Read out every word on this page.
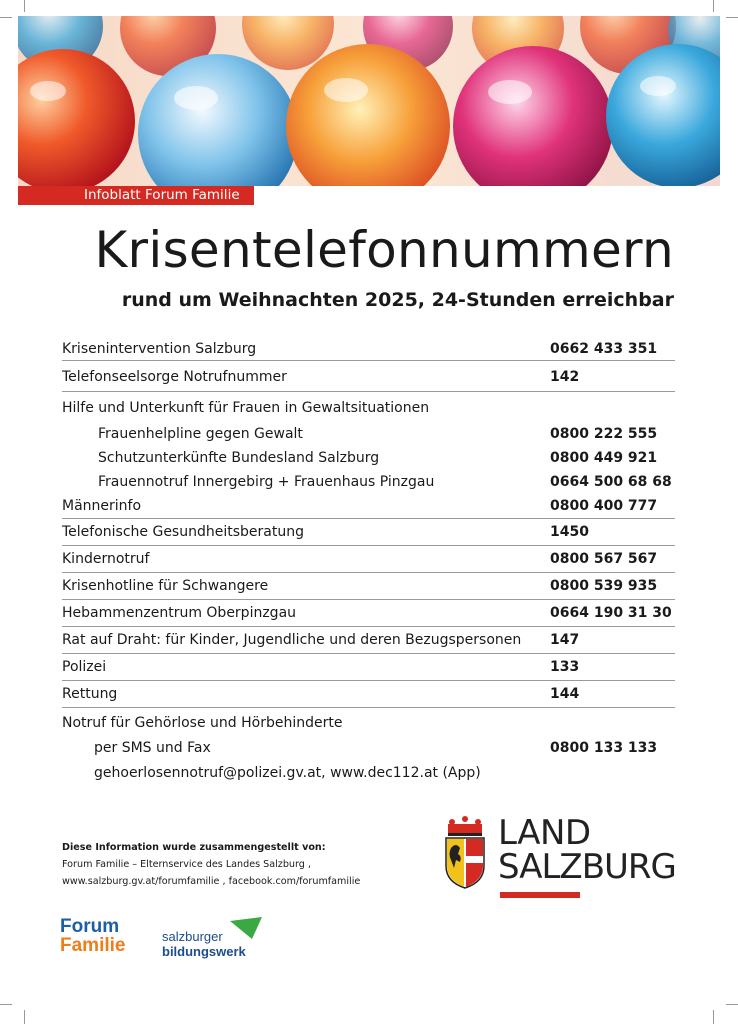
Infoblatt Forum Familie
Krisentelefonnummern
rund um Weihnachten 2025, 24-Stunden erreichbar
Krisenintervention Salzburg	0662 433 351
Telefonseelsorge Notrufnummer	142
Hilfe und Unterkunft für Frauen in Gewaltsituationen
Frauenhelpline gegen Gewalt	0800 222 555
Schutzunterkünfte Bundesland Salzburg	0800 449 921
Frauennotruf Innergebirg + Frauenhaus Pinzgau	0664 500 68 68
Männerinfo	0800 400 777
Telefonische Gesundheitsberatung	1450
Kindernotruf	0800 567 567
Krisenhotline für Schwangere	0800 539 935
Hebammenzentrum Oberpinzgau	0664 190 31 30
Rat auf Draht: für Kinder, Jugendliche und deren Bezugspersonen	147
Polizei	133
Rettung	144
Notruf für Gehörlose und Hörbehinderte
per SMS und Fax	0800 133 133
gehoerlosennotruf@polizei.gv.at, www.dec112.at (App)
Diese Information wurde zusammengestellt von:
Forum Familie – Elternservice des Landes Salzburg ,
www.salzburg.gv.at/forumfamilie , facebook.com/forumfamilie
LAND
SALZBURG
Forum
Familie	salzburger
bildungswerk
